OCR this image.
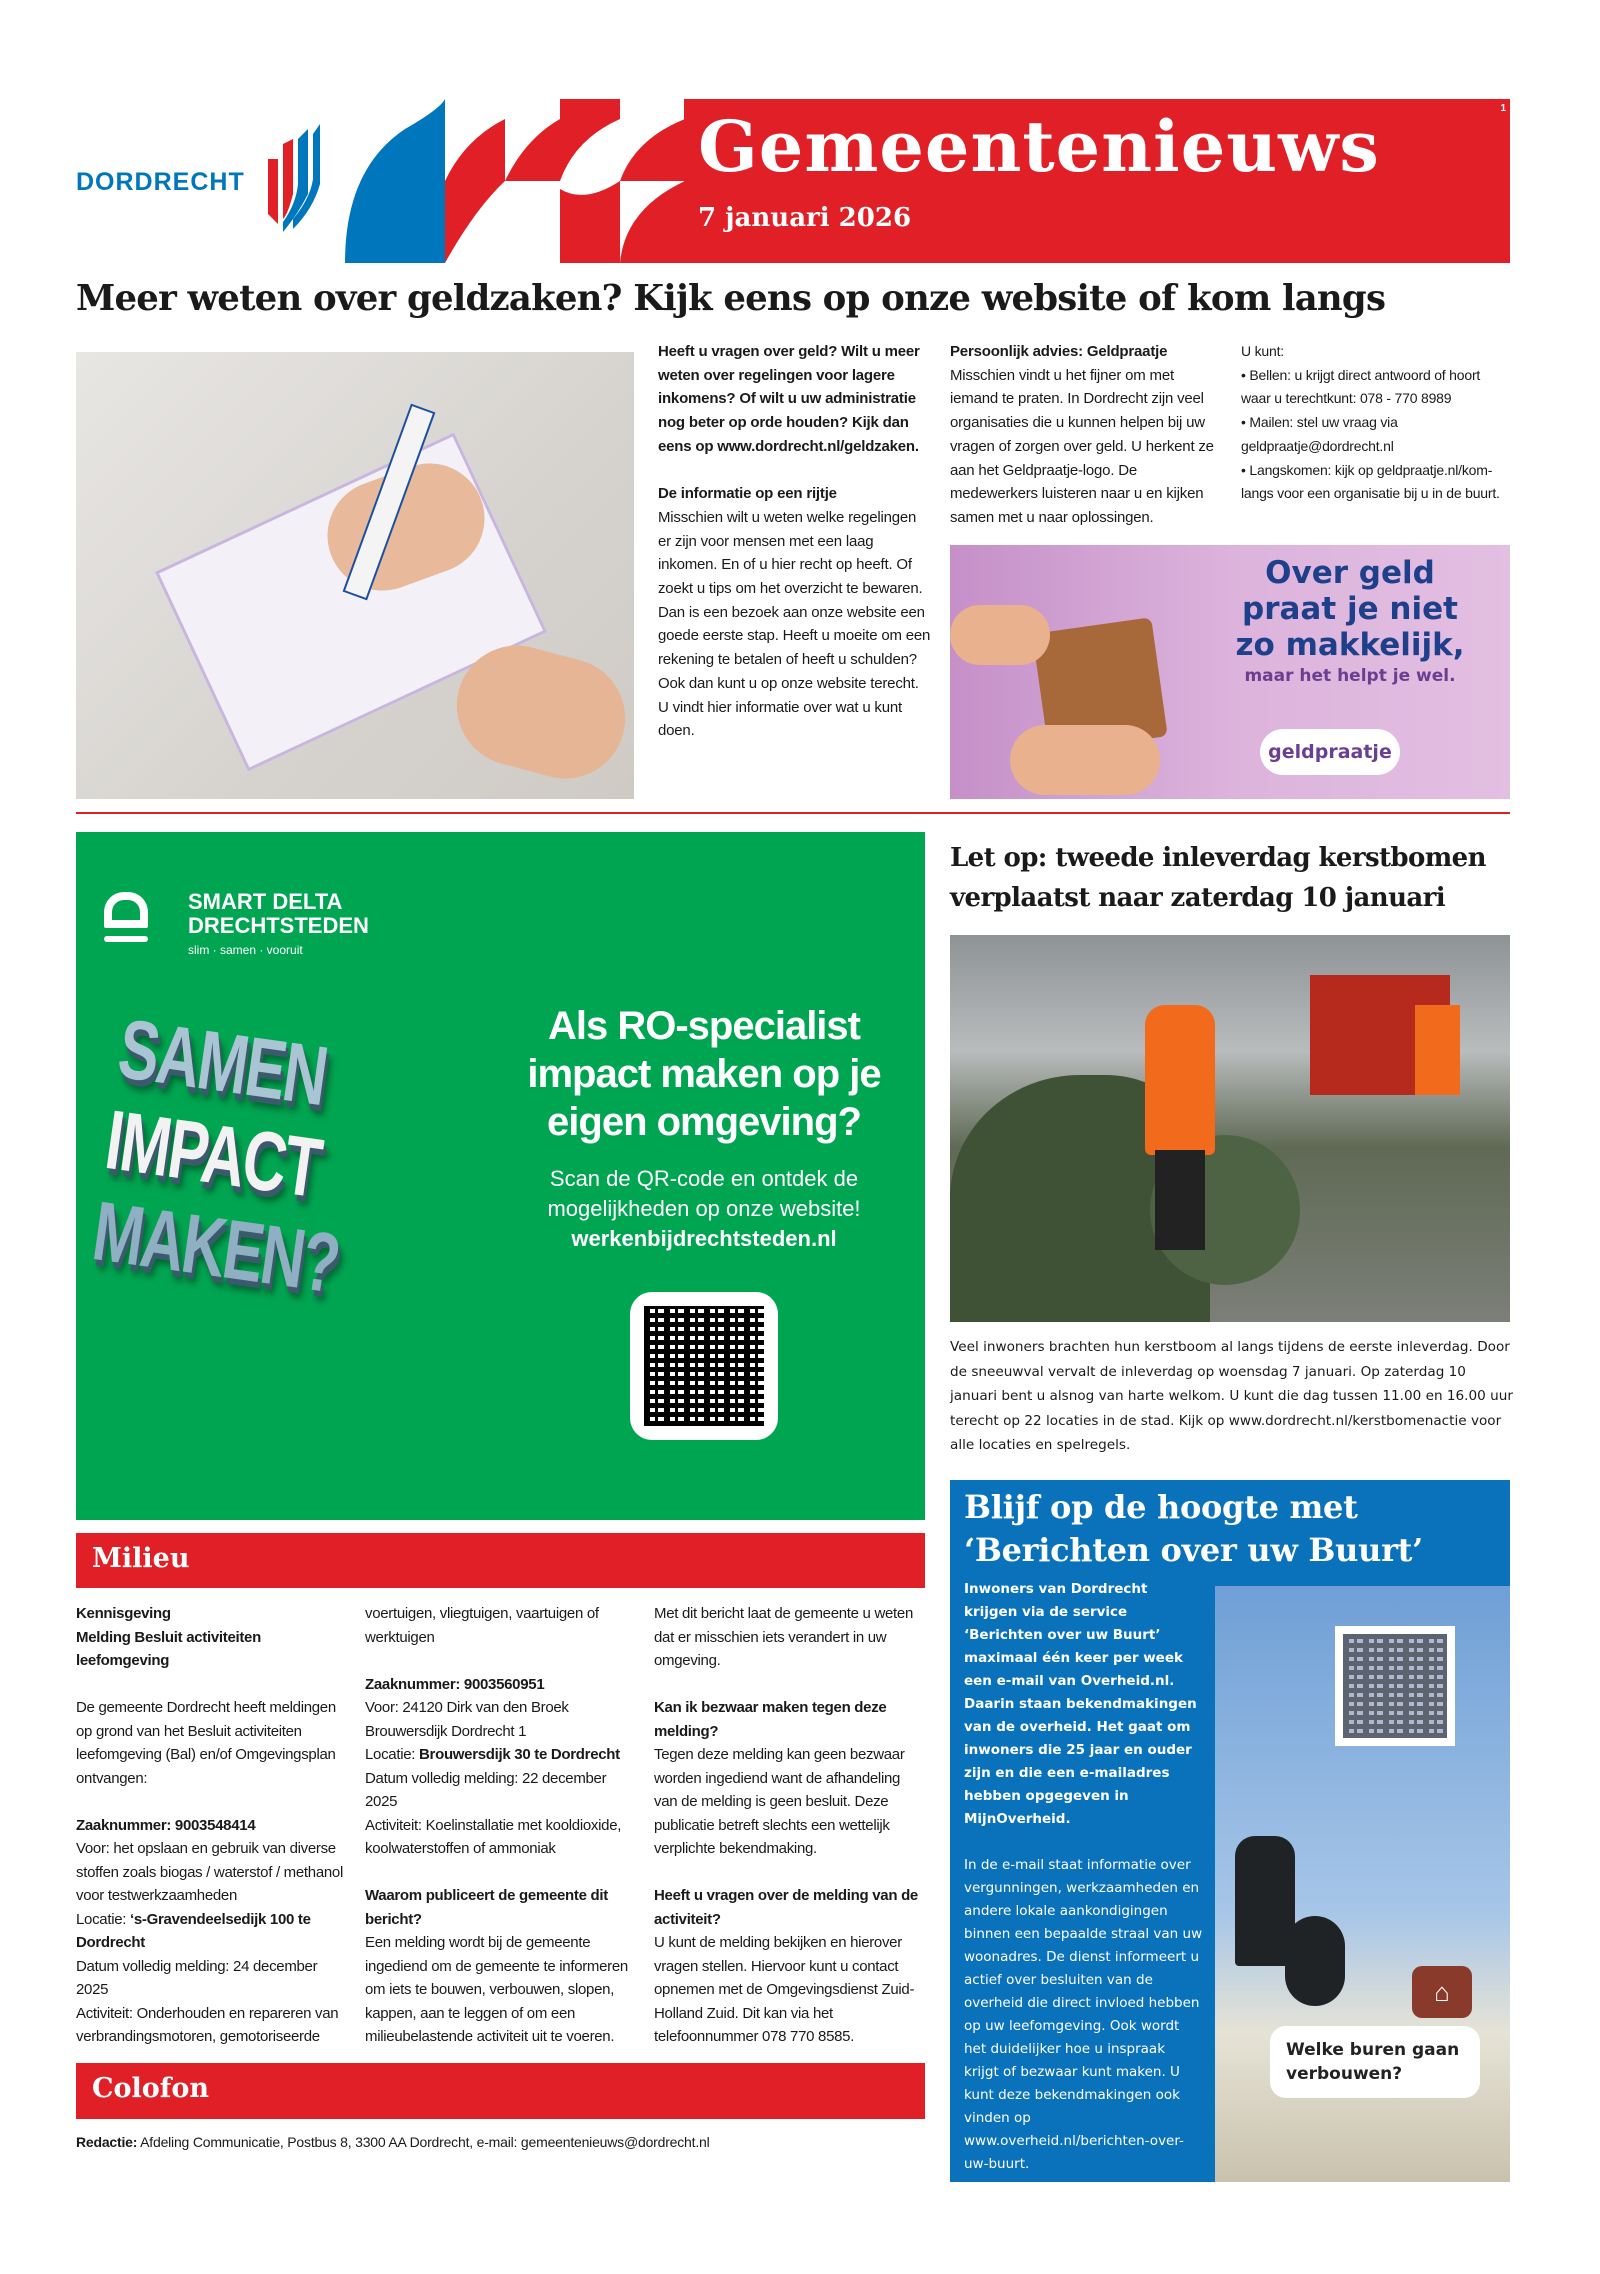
DORDRECHT	Gemeentenieuws
7 januari 2026
1
Meer weten over geldzaken? Kijk eens op onze website of kom langs

Heeft u vragen over geld? Wilt u meer weten over regelingen voor lagere inkomens? Of wilt u uw administratie nog beter op orde houden? Kijk dan eens op www.dordrecht.nl/geldzaken.

De informatie op een rijtje

Misschien wilt u weten welke regelingen er zijn voor mensen met een laag inkomen. En of u hier recht op heeft. Of zoekt u tips om het overzicht te bewaren. Dan is een bezoek aan onze website een goede eerste stap. Heeft u moeite om een rekening te betalen of heeft u schulden? Ook dan kunt u op onze website terecht. U vindt hier informatie over wat u kunt doen.

Persoonlijk advies: Geldpraatje

Misschien vindt u het fijner om met iemand te praten. In Dordrecht zijn veel organisaties die u kunnen helpen bij uw vragen of zorgen over geld. U herkent ze aan het Geldpraatje-logo. De medewerkers luisteren naar u en kijken samen met u naar oplossingen.

U kunt:
• Bellen: u krijgt direct antwoord of hoort waar u terechtkunt: 078 - 770 8989
• Mailen: stel uw vraag via geldpraatje@dordrecht.nl
• Langskomen: kijk op geldpraatje.nl/kom-langs voor een organisatie bij u in de buurt.
Over geld
praat je niet
zo makkelijk,
maar het helpt je wel.
geldpraatje
SMART DELTA
DRECHTSTEDEN
slim · samen · vooruit
SAMEN
IMPACT
MAKEN?
Als RO-specialist impact maken op je eigen omgeving?
Scan de QR-code en ontdek de mogelijkheden op onze website!
werkenbijdrechtsteden.nl
Let op: tweede inleverdag kerstbomen verplaatst naar zaterdag 10 januari
Veel inwoners brachten hun kerstboom al langs tijdens de eerste inleverdag. Door de sneeuwval vervalt de inleverdag op woensdag 7 januari. Op zaterdag 10 januari bent u alsnog van harte welkom. U kunt die dag tussen 11.00 en 16.00 uur terecht op 22 locaties in de stad. Kijk op www.dordrecht.nl/kerstbomenactie voor alle locaties en spelregels.
⌂
Welke buren gaan verbouwen?
Blijf op de hoogte met ‘Berichten over uw Buurt’
Inwoners van Dordrecht krijgen via de service ‘Berichten over uw Buurt’ maximaal één keer per week een e-mail van Overheid.nl. Daarin staan bekendmakingen van de overheid. Het gaat om inwoners die 25 jaar en ouder zijn en die een e-mailadres hebben opgegeven in MijnOverheid.
In de e-mail staat informatie over vergunningen, werkzaamheden en andere lokale aankondigingen binnen een bepaalde straal van uw woonadres. De dienst informeert u actief over besluiten van de overheid die direct invloed hebben op uw leefomgeving. Ook wordt het duidelijker hoe u inspraak krijgt of bezwaar kunt maken. U kunt deze bekendmakingen ook vinden op www.overheid.nl/berichten-over-uw-buurt.
Milieu
Kennisgeving

Melding Besluit activiteiten leefomgeving

De gemeente Dordrecht heeft meldingen op grond van het Besluit activiteiten leefomgeving (Bal) en/of Omgevingsplan ontvangen:

Zaaknummer: 9003548414
Voor: het opslaan en gebruik van diverse stoffen zoals biogas / waterstof / methanol voor testwerkzaamheden
Locatie: ‘s-Gravendeelsedijk 100 te Dordrecht
Datum volledig melding: 24 december 2025

Activiteit: Onderhouden en repareren van verbrandingsmotoren, gemotoriseerde voertuigen, vliegtuigen, vaartuigen of werktuigen

Zaaknummer: 9003560951
Voor: 24120 Dirk van den Broek Brouwersdijk Dordrecht 1
Locatie: Brouwersdijk 30 te Dordrecht
Datum volledig melding: 22 december 2025

Activiteit: Koelinstallatie met kooldioxide, koolwaterstoffen of ammoniak

Waarom publiceert de gemeente dit bericht?

Een melding wordt bij de gemeente ingediend om de gemeente te informeren om iets te bouwen, verbouwen, slopen, kappen, aan te leggen of om een milieubelastende activiteit uit te voeren. Met dit bericht laat de gemeente u weten dat er misschien iets verandert in uw omgeving.

Kan ik bezwaar maken tegen deze melding?

Tegen deze melding kan geen bezwaar worden ingediend want de afhandeling van de melding is geen besluit. Deze publicatie betreft slechts een wettelijk verplichte bekendmaking.

Heeft u vragen over de melding van de activiteit?

U kunt de melding bekijken en hierover vragen stellen. Hiervoor kunt u contact opnemen met de Omgevingsdienst Zuid-Holland Zuid. Dit kan via het telefoonnummer 078 770 8585.

Colofon
Redactie: Afdeling Communicatie, Postbus 8, 3300 AA Dordrecht, e-mail: gemeentenieuws@dordrecht.nl
